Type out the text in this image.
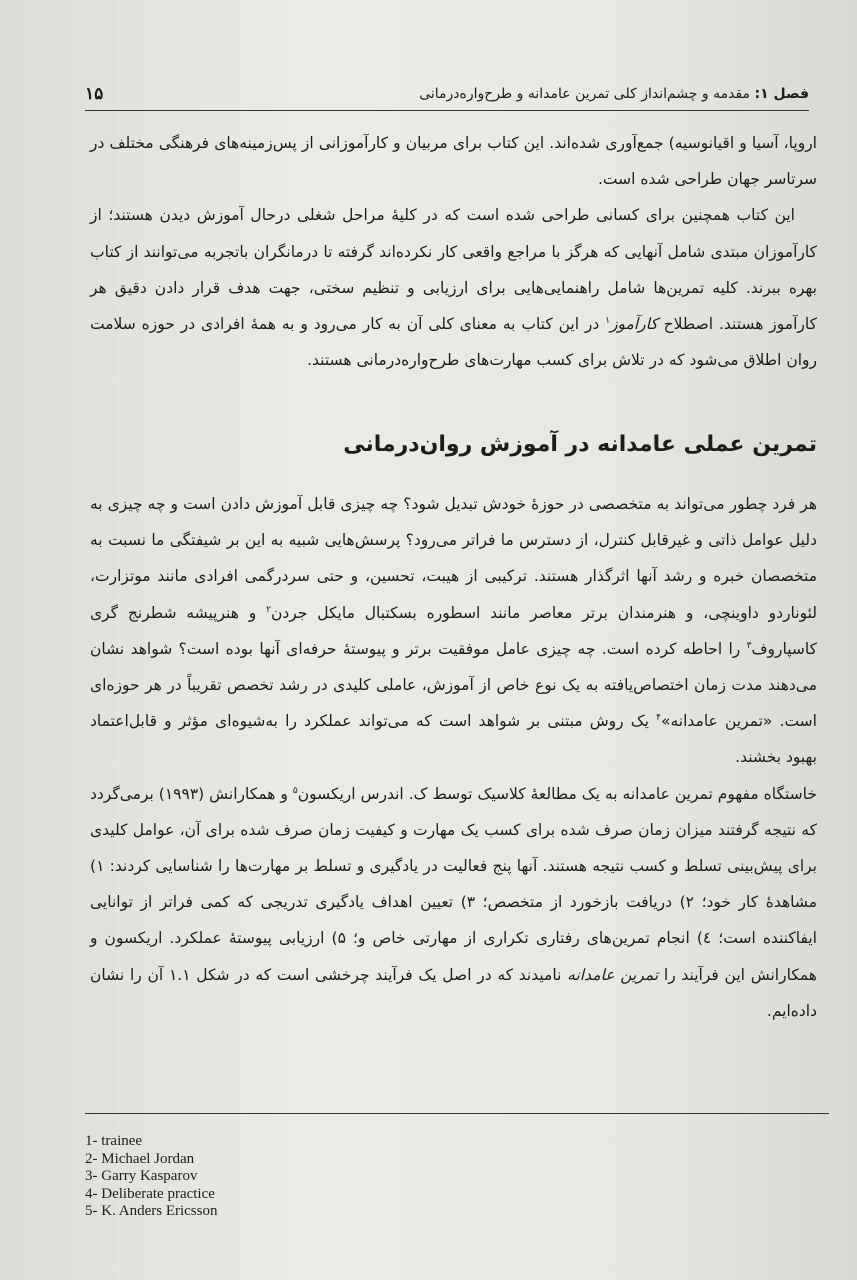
۱۵	فصل ۱: مقدمه و چشم‌انداز کلی تمرین عامدانه و طرح‌واره‌درمانی

اروپا، آسیا و اقیانوسیه) جمع‌آوری شده‌اند. این کتاب برای مربیان و کارآموزانی از پس‌زمینه‌های فرهنگی مختلف در سرتاسر جهان طراحی شده است.

این کتاب همچنین برای کسانی طراحی شده است که در کلیهٔ مراحل شغلی درحال آموزش دیدن هستند؛ از کارآموزان مبتدی شامل آنهایی که هرگز با مراجع واقعی کار نکرده‌اند گرفته تا درمانگران باتجربه می‌توانند از کتاب بهره ببرند. کلیه تمرین‌ها شامل راهنمایی‌هایی برای ارزیابی و تنظیم سختی، جهت هدف قرار دادن دقیق هر کارآموز هستند. اصطلاح کارآموز$^۱$ در این کتاب به معنای کلی آن به کار می‌رود و به همهٔ افرادی در حوزه سلامت روان اطلاق می‌شود که در تلاش برای کسب مهارت‌های طرح‌واره‌درمانی هستند.

تمرین عملی عامدانه در آموزش روان‌درمانی

هر فرد چطور می‌تواند به متخصصی در حوزهٔ خودش تبدیل شود؟ چه چیزی قابل آموزش دادن است و چه چیزی به دلیل عوامل ذاتی و غیرقابل کنترل، از دسترس ما فراتر می‌رود؟ پرسش‌هایی شبیه به این بر شیفتگی ما نسبت به متخصصان خبره و رشد آنها اثرگذار هستند. ترکیبی از هیبت، تحسین، و حتی سردرگمی افرادی مانند موتزارت، لئوناردو داوینچی، و هنرمندان برتر معاصر مانند اسطوره بسکتبال مایکل جردن$^۲$ و هنرپیشه شطرنج گری کاسپاروف$^۳$ را احاطه کرده است. چه چیزی عامل موفقیت برتر و پیوستهٔ حرفه‌ای آنها بوده است؟ شواهد نشان می‌دهند مدت زمان اختصاص‌یافته به یک نوع خاص از آموزش، عاملی کلیدی در رشد تخصص تقریباً در هر حوزه‌ای است. «تمرین عامدانه»$^۴$ یک روش مبتنی بر شواهد است که می‌تواند عملکرد را به‌شیوه‌ای مؤثر و قابل‌اعتماد بهبود بخشند.

خاستگاه مفهوم تمرین عامدانه به یک مطالعهٔ کلاسیک توسط ک. اندرس اریکسون$^۵$ و همکارانش (۱۹۹۳) برمی‌گردد که نتیجه گرفتند میزان زمان صرف شده برای کسب یک مهارت و کیفیت زمان صرف شده برای آن، عوامل کلیدی برای پیش‌بینی تسلط و کسب نتیجه هستند. آنها پنج فعالیت در یادگیری و تسلط بر مهارت‌ها را شناسایی کردند: ۱) مشاهدهٔ کار خود؛ ۲) دریافت بازخورد از متخصص؛ ۳) تعیین اهداف یادگیری تدریجی که کمی فراتر از توانایی ایفاکننده است؛ ٤) انجام تمرین‌های رفتاری تکراری از مهارتی خاص و؛ ۵) ارزیابی پیوستهٔ عملکرد. اریکسون و همکارانش این فرآیند را تمرین عامدانه نامیدند که در اصل یک فرآیند چرخشی است که در شکل ۱.۱ آن را نشان داده‌ایم.

1- trainee
2- Michael Jordan
3- Garry Kasparov
4- Deliberate practice
5- K. Anders Ericsson
